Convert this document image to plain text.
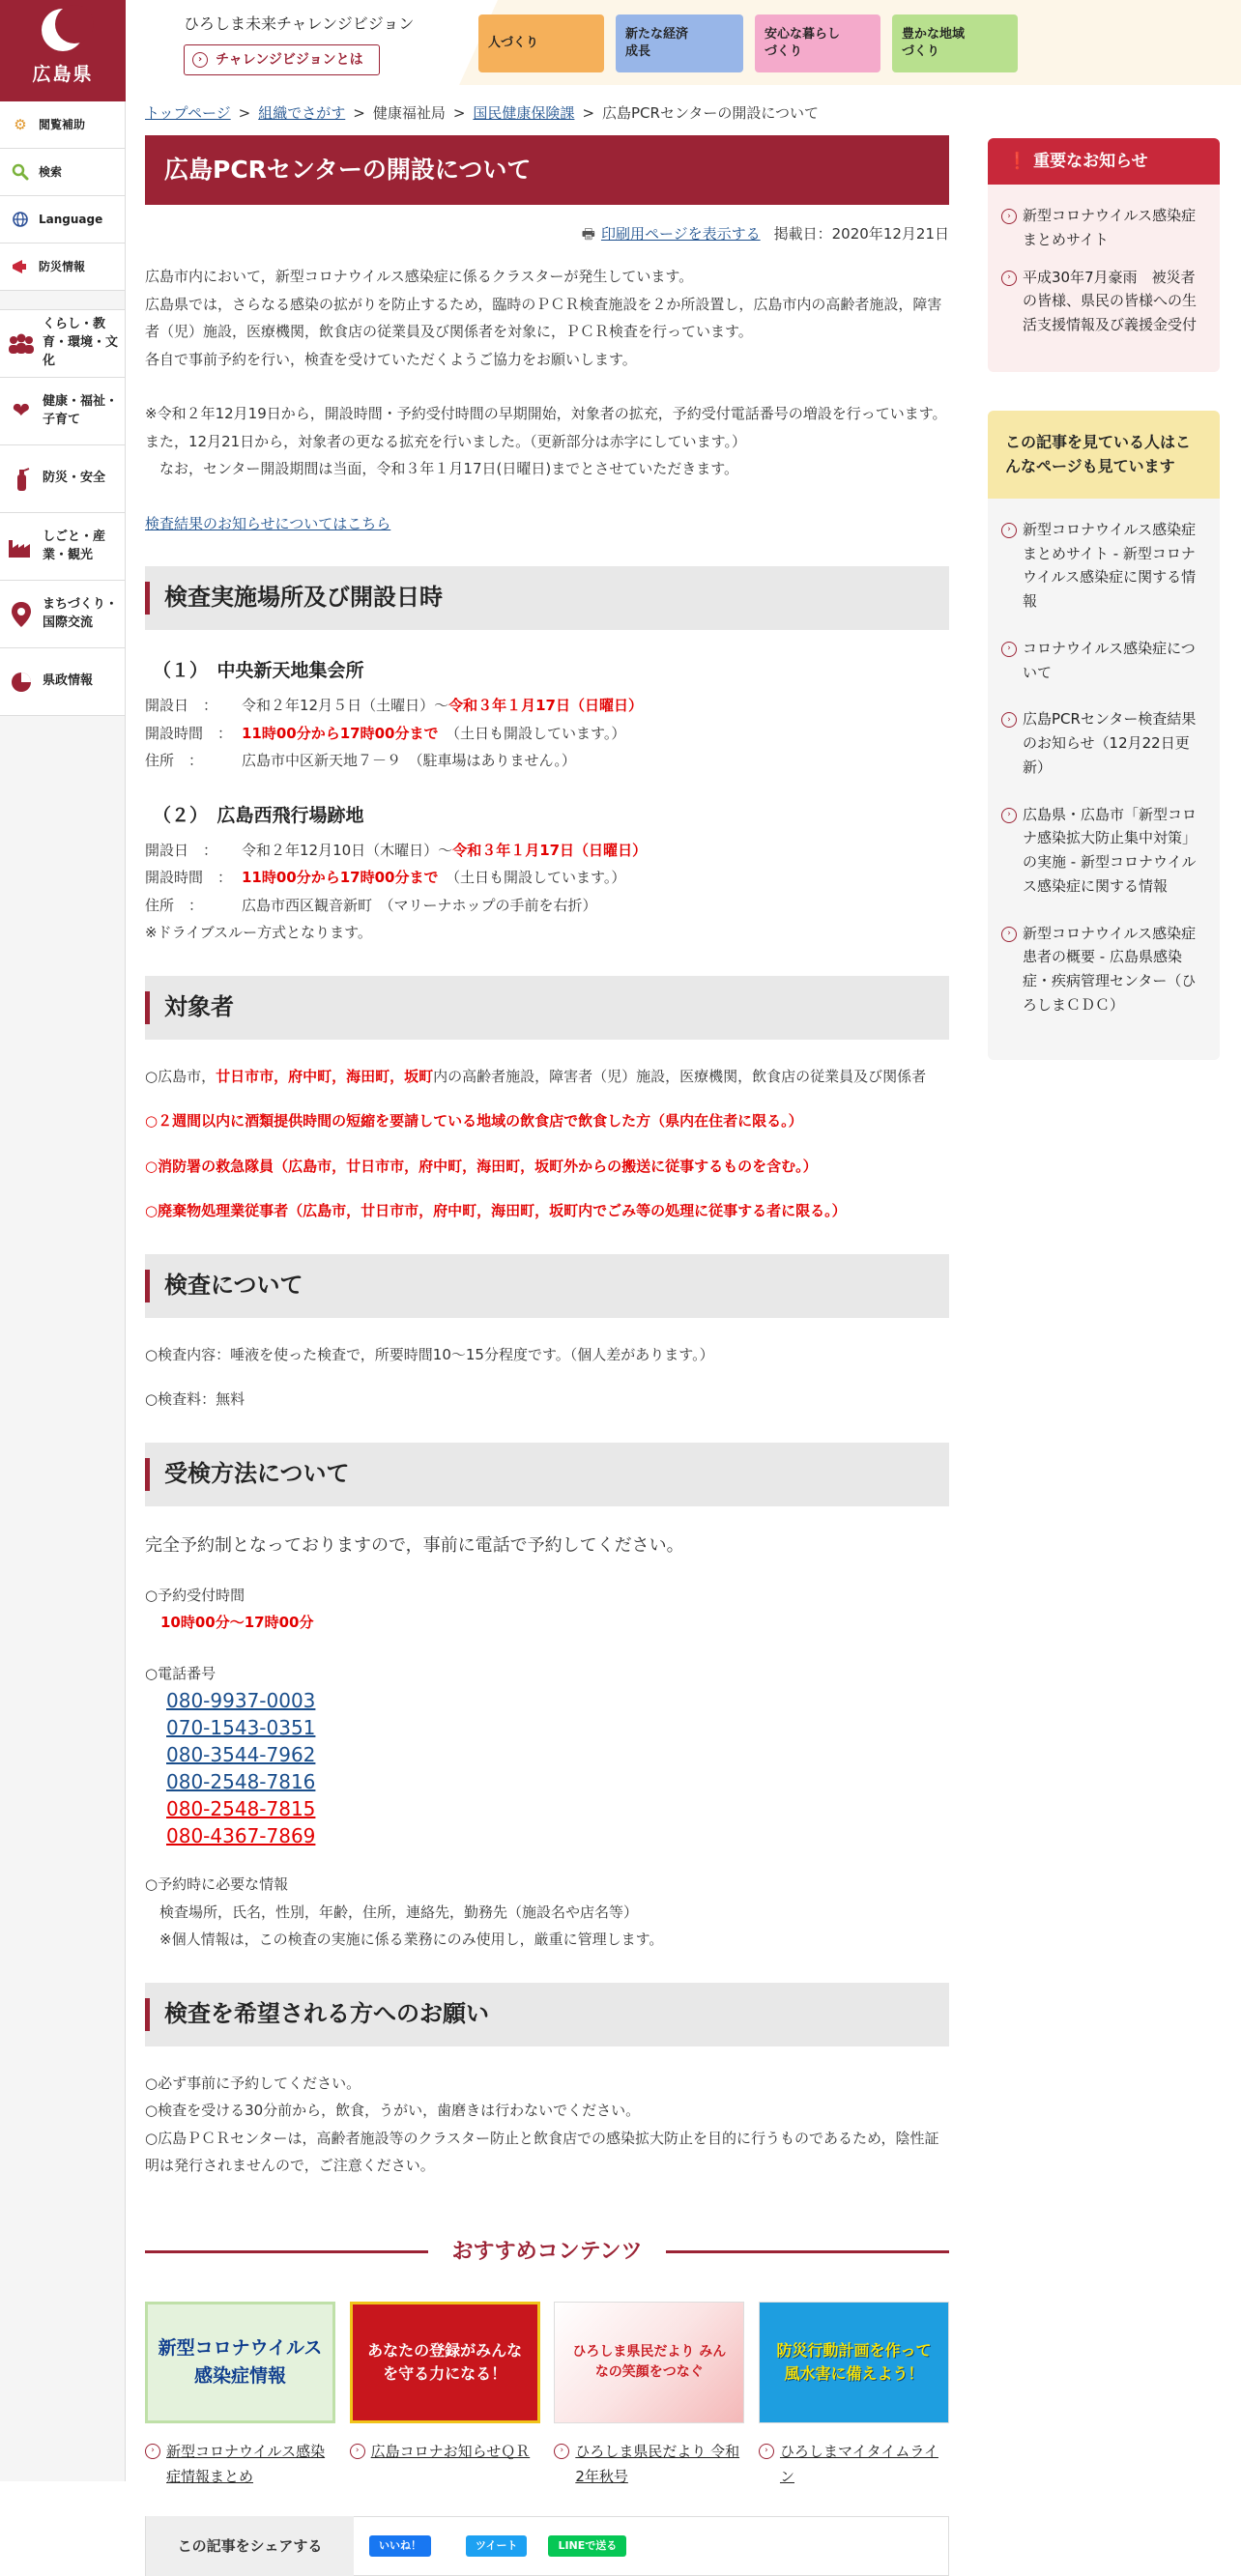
広島県
⚙	閲覧補助
検索
Language
防災情報
くらし・教育・環境・文化
❤ 健康・福祉・子育て
防災・安全
しごと・産業・観光
まちづくり・国際交流
県政情報
ひろしま未来チャレンジビジョン
› チャレンジビジョンとは
人づくり
新たな経済成長
安心な暮らしづくり
豊かな地域づくり
トップページ > 組織でさがす > 健康福祉局 > 国民健康保険課 > 広島PCRセンターの開設について
広島PCRセンターの開設について
🖶 印刷用ページを表示する 掲載日：2020年12月21日

広島市内において，新型コロナウイルス感染症に係るクラスターが発生しています。

広島県では，さらなる感染の拡がりを防止するため，臨時のＰＣＲ検査施設を２か所設置し，広島市内の高齢者施設，障害者（児）施設，医療機関，飲食店の従業員及び関係者を対象に，ＰＣＲ検査を行っています。

各自で事前予約を行い，検査を受けていただくようご協力をお願いします。

※令和２年12月19日から，開設時間・予約受付時間の早期開始，対象者の拡充，予約受付電話番号の増設を行っています。また，12月21日から，対象者の更なる拡充を行いました。（更新部分は赤字にしています。）

　なお，センター開設期間は当面，令和３年１月17日(日曜日)までとさせていただきます。

検査結果のお知らせについてはこちら
検査実施場所及び開設日時
（１）　中央新天地集会所
開設日　： 令和２年12月５日（土曜日）～令和３年１月17日（日曜日）
開設時間　： 11時00分から17時00分まで　 （土日も開設しています。）
住所　：	広島市中区新天地７－９　（駐車場はありません。）
（２）　広島西飛行場跡地
開設日　： 令和２年12月10日（木曜日）～令和３年１月17日（日曜日）
開設時間　： 11時00分から17時00分まで　 （土日も開設しています。）
住所　：	広島市西区観音新町　（マリーナホップの手前を右折）
※ドライブスルー方式となります。
対象者
○広島市，廿日市市，府中町，海田町，坂町内の高齢者施設，障害者（児）施設，医療機関，飲食店の従業員及び関係者
○２週間以内に酒類提供時間の短縮を要請している地域の飲食店で飲食した方（県内在住者に限る。）
○消防署の救急隊員（広島市，廿日市市，府中町，海田町，坂町外からの搬送に従事するものを含む。）
○廃棄物処理業従事者（広島市，廿日市市，府中町，海田町，坂町内でごみ等の処理に従事する者に限る。）
検査について
○検査内容：唾液を使った検査で，所要時間10～15分程度です。（個人差があります。）
○検査料：無料
受検方法について
完全予約制となっておりますので，事前に電話で予約してください。
○予約受付時間
10時00分～17時00分
○電話番号
080-9937-0003
070-1543-0351
080-3544-7962
080-2548-7816
080-2548-7815
080-4367-7869
○予約時に必要な情報
　検査場所，氏名，性別，年齢，住所，連絡先，勤務先（施設名や店名等）
　※個人情報は，この検査の実施に係る業務にのみ使用し，厳重に管理します。
検査を希望される方へのお願い

○必ず事前に予約してください。

○検査を受ける30分前から，飲食，うがい，歯磨きは行わないでください。

○広島ＰＣＲセンターは，高齢者施設等のクラスター防止と飲食店での感染拡大防止を目的に行うものであるため，陰性証明は発行されませんので，ご注意ください。

おすすめコンテンツ
新型コロナウイルス感染症情報
› 新型コロナウイルス感染症情報まとめ
あなたの登録がみんなを守る力になる！
› 広島コロナお知らせＱＲ
ひろしま県民だより みんなの笑顔をつなぐ
› ひろしま県民だより 令和2年秋号
防災行動計画を作って風水害に備えよう！
› ひろしまマイタイムライン
この記事をシェアする	いいね！	ツイート	LINEで送る
❗ 重要なお知らせ
› 新型コロナウイルス感染症 まとめサイト
› 平成30年7月豪雨　被災者の皆様、県民の皆様への生活支援情報及び義援金受付
この記事を見ている人はこんなページも見ています
› 新型コロナウイルス感染症 まとめサイト - 新型コロナウイルス感染症に関する情報
› コロナウイルス感染症について
› 広島PCRセンター検査結果のお知らせ（12月22日更新）
› 広島県・広島市「新型コロナ感染拡大防止集中対策」の実施 - 新型コロナウイルス感染症に関する情報
› 新型コロナウイルス感染症患者の概要 - 広島県感染症・疾病管理センター（ひろしまＣＤＣ）
